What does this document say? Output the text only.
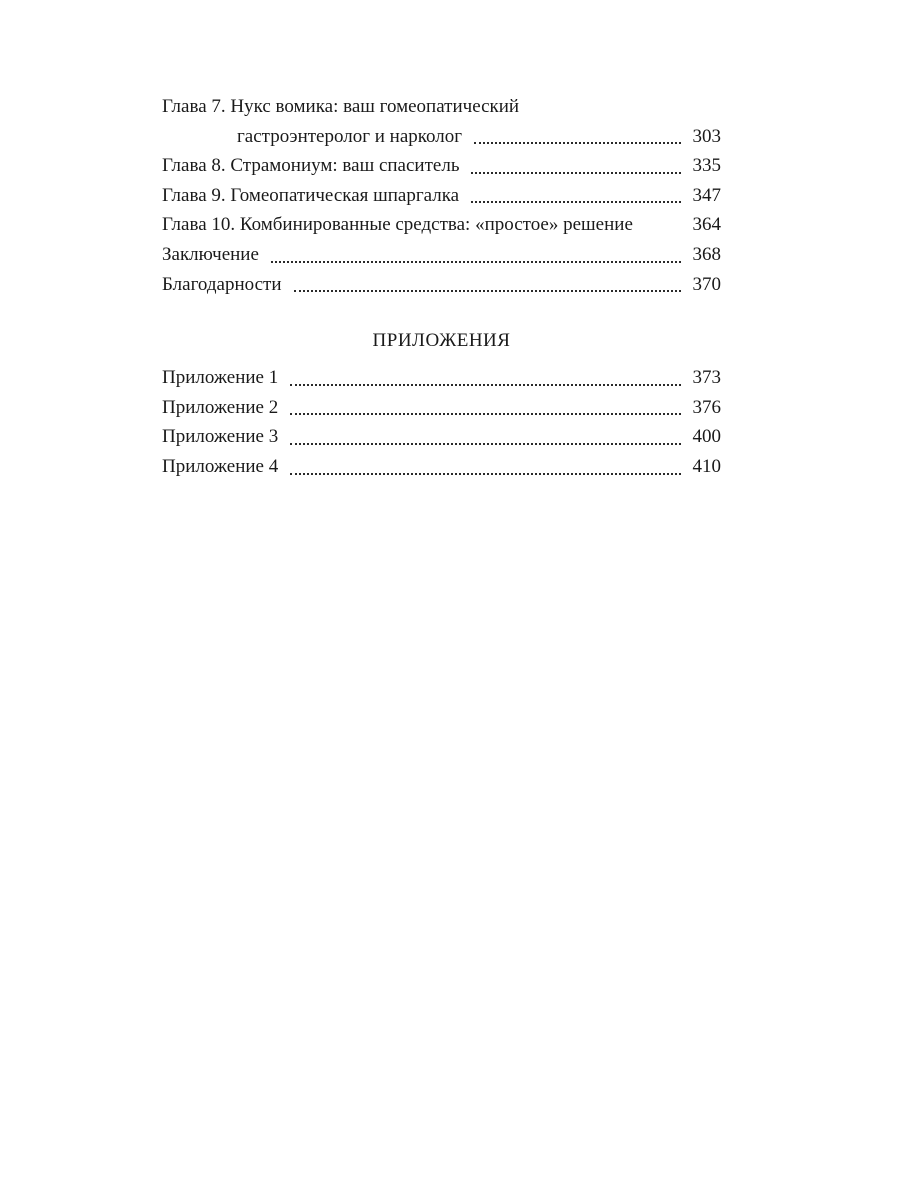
Глава 7. Нукс вомика: ваш гомеопатический
гастроэнтеролог и нарколог	303
Глава 8. Страмониум: ваш спаситель	335
Глава 9. Гомеопатическая шпаргалка	347
Глава 10. Комбинированные средства: «простое» решение	364
Заключение	368
Благодарности	370
ПРИЛОЖЕНИЯ
Приложение 1	373
Приложение 2	376
Приложение 3	400
Приложение 4	410
